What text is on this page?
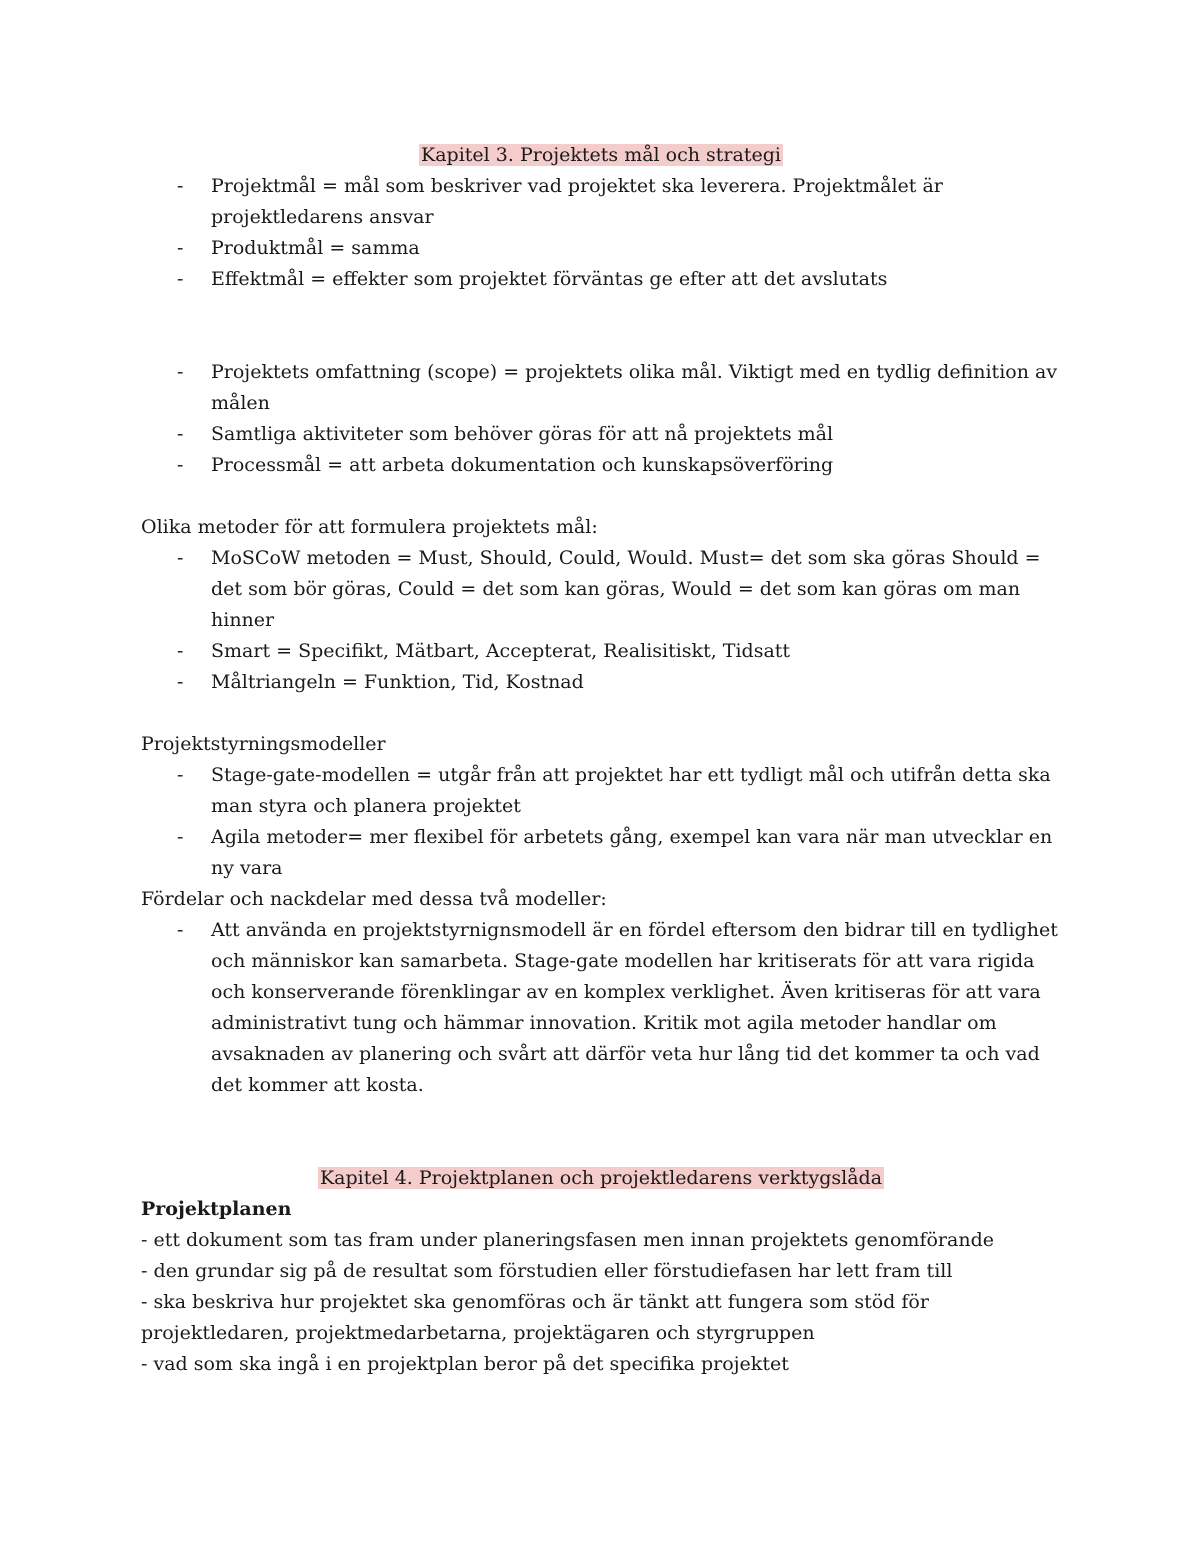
Kapitel 3. Projektets mål och strategi

- Projektmål = mål som beskriver vad projektet ska leverera. Projektmålet är projektledarens ansvar
- Produktmål = samma
- Effektmål = effekter som projektet förväntas ge efter att det avslutats
- Projektets omfattning (scope) = projektets olika mål. Viktigt med en tydlig definition av målen
- Samtliga aktiviteter som behöver göras för att nå projektets mål
- Processmål = att arbeta dokumentation och kunskapsöverföring

Olika metoder för att formulera projektets mål:

- MoSCoW metoden = Must, Should, Could, Would. Must= det som ska göras Should = det som bör göras, Could = det som kan göras, Would = det som kan göras om man hinner
- Smart = Specifikt, Mätbart, Accepterat, Realisitiskt, Tidsatt
- Måltriangeln = Funktion, Tid, Kostnad

Projektstyrningsmodeller

- Stage-gate-modellen = utgår från att projektet har ett tydligt mål och utifrån detta ska man styra och planera projektet
- Agila metoder= mer flexibel för arbetets gång, exempel kan vara när man utvecklar en ny vara

Fördelar och nackdelar med dessa två modeller:

- Att använda en projektstyrnignsmodell är en fördel eftersom den bidrar till en tydlighet och människor kan samarbeta. Stage-gate modellen har kritiserats för att vara rigida och konserverande förenklingar av en komplex verklighet. Även kritiseras för att vara administrativt tung och hämmar innovation. Kritik mot agila metoder handlar om avsaknaden av planering och svårt att därför veta hur lång tid det kommer ta och vad det kommer att kosta.

Kapitel 4. Projektplanen och projektledarens verktygslåda

Projektplanen

- ett dokument som tas fram under planeringsfasen men innan projektets genomförande

- den grundar sig på de resultat som förstudien eller förstudiefasen har lett fram till

- ska beskriva hur projektet ska genomföras och är tänkt att fungera som stöd för projektledaren, projektmedarbetarna, projektägaren och styrgruppen

- vad som ska ingå i en projektplan beror på det specifika projektet
